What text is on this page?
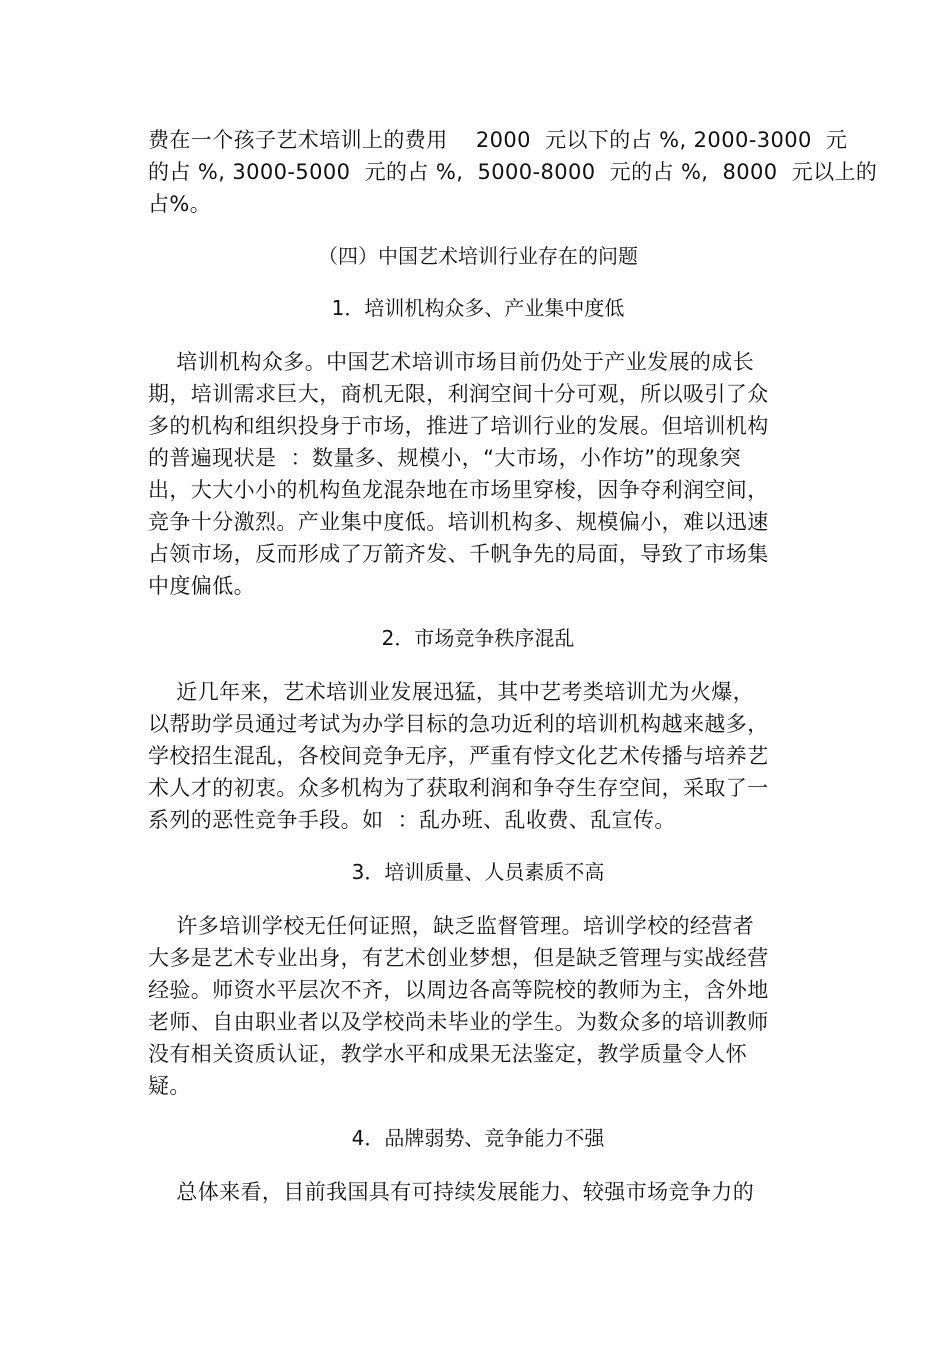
费在一个孩子艺术培训上的费用    2000  元以下的占 %, 2000-3000  元
的占 %, 3000-5000  元的占 %,  5000-8000  元的占 %,  8000  元以上的
占%。
（四）中国艺术培训行业存在的问题
1．培训机构众多、产业集中度低
培训机构众多。中国艺术培训市场目前仍处于产业发展的成长
期，培训需求巨大，商机无限，利润空间十分可观，所以吸引了众
多的机构和组织投身于市场，推进了培训行业的发展。但培训机构
的普遍现状是  ：数量多、规模小，“大市场，小作坊”的现象突
出，大大小小的机构鱼龙混杂地在市场里穿梭，因争夺利润空间，
竞争十分激烈。产业集中度低。培训机构多、规模偏小，难以迅速
占领市场，反而形成了万箭齐发、千帆争先的局面，导致了市场集
中度偏低。
2．市场竞争秩序混乱
近几年来，艺术培训业发展迅猛，其中艺考类培训尤为火爆，
以帮助学员通过考试为办学目标的急功近利的培训机构越来越多，
学校招生混乱，各校间竞争无序，严重有悖文化艺术传播与培养艺
术人才的初衷。众多机构为了获取利润和争夺生存空间，采取了一
系列的恶性竞争手段。如  ：乱办班、乱收费、乱宣传。
3．培训质量、人员素质不高
许多培训学校无任何证照，缺乏监督管理。培训学校的经营者
大多是艺术专业出身，有艺术创业梦想，但是缺乏管理与实战经营
经验。师资水平层次不齐，以周边各高等院校的教师为主，含外地
老师、自由职业者以及学校尚未毕业的学生。为数众多的培训教师
没有相关资质认证，教学水平和成果无法鉴定，教学质量令人怀
疑。
4．品牌弱势、竞争能力不强
总体来看，目前我国具有可持续发展能力、较强市场竞争力的
